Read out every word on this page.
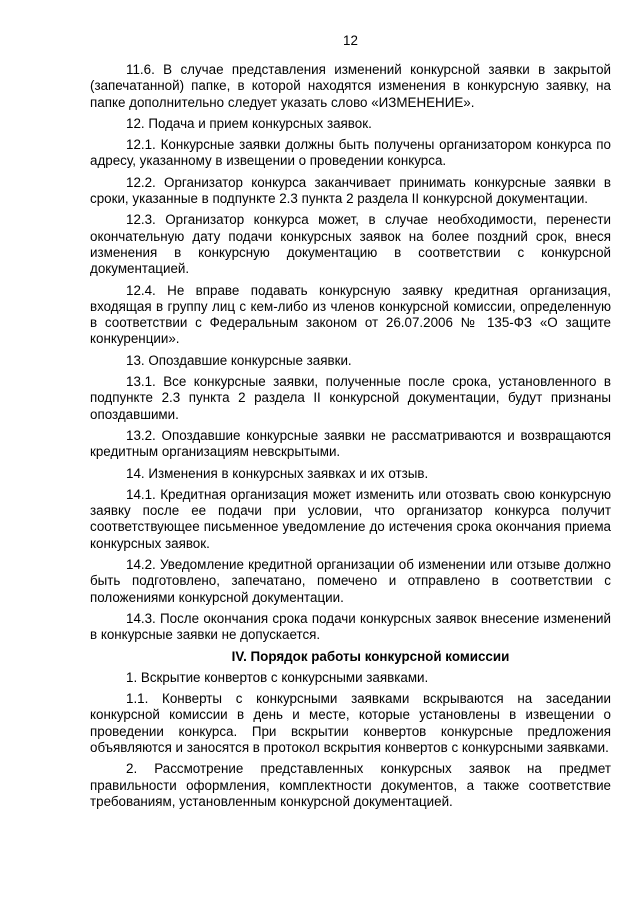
12

11.6. В случае представления изменений конкурсной заявки в закрытой (запечатанной) папке, в которой находятся изменения в конкурсную заявку, на папке дополнительно следует указать слово «ИЗМЕНЕНИЕ».

12. Подача и прием конкурсных заявок.

12.1. Конкурсные заявки должны быть получены организатором конкурса по адресу, указанному в извещении о проведении конкурса.

12.2. Организатор конкурса заканчивает принимать конкурсные заявки в сроки, указанные в подпункте 2.3 пункта 2 раздела II конкурсной документации.

12.3. Организатор конкурса может, в случае необходимости, перенести окончательную дату подачи конкурсных заявок на более поздний срок, внеся изменения в конкурсную документацию в соответствии с конкурсной документацией.

12.4. Не вправе подавать конкурсную заявку кредитная организация, входящая в группу лиц с кем-либо из членов конкурсной комиссии, определенную в соответствии с Федеральным законом от 26.07.2006 № 135-ФЗ «О защите конкуренции».

13. Опоздавшие конкурсные заявки.

13.1. Все конкурсные заявки, полученные после срока, установленного в подпункте 2.3 пункта 2 раздела II конкурсной документации, будут признаны опоздавшими.

13.2. Опоздавшие конкурсные заявки не рассматриваются и возвращаются кредитным организациям невскрытыми.

14. Изменения в конкурсных заявках и их отзыв.

14.1. Кредитная организация может изменить или отозвать свою конкурсную заявку после ее подачи при условии, что организатор конкурса получит соответствующее письменное уведомление до истечения срока окончания приема конкурсных заявок.

14.2. Уведомление кредитной организации об изменении или отзыве должно быть подготовлено, запечатано, помечено и отправлено в соответствии с положениями конкурсной документации.

14.3. После окончания срока подачи конкурсных заявок внесение изменений в конкурсные заявки не допускается.

IV. Порядок работы конкурсной комиссии

1. Вскрытие конвертов с конкурсными заявками.

1.1. Конверты с конкурсными заявками вскрываются на заседании конкурсной комиссии в день и месте, которые установлены в извещении о проведении конкурса. При вскрытии конвертов конкурсные предложения объявляются и заносятся в протокол вскрытия конвертов с конкурсными заявками.

2. Рассмотрение представленных конкурсных заявок на предмет правильности оформления, комплектности документов, а также соответствие требованиям, установленным конкурсной документацией.
